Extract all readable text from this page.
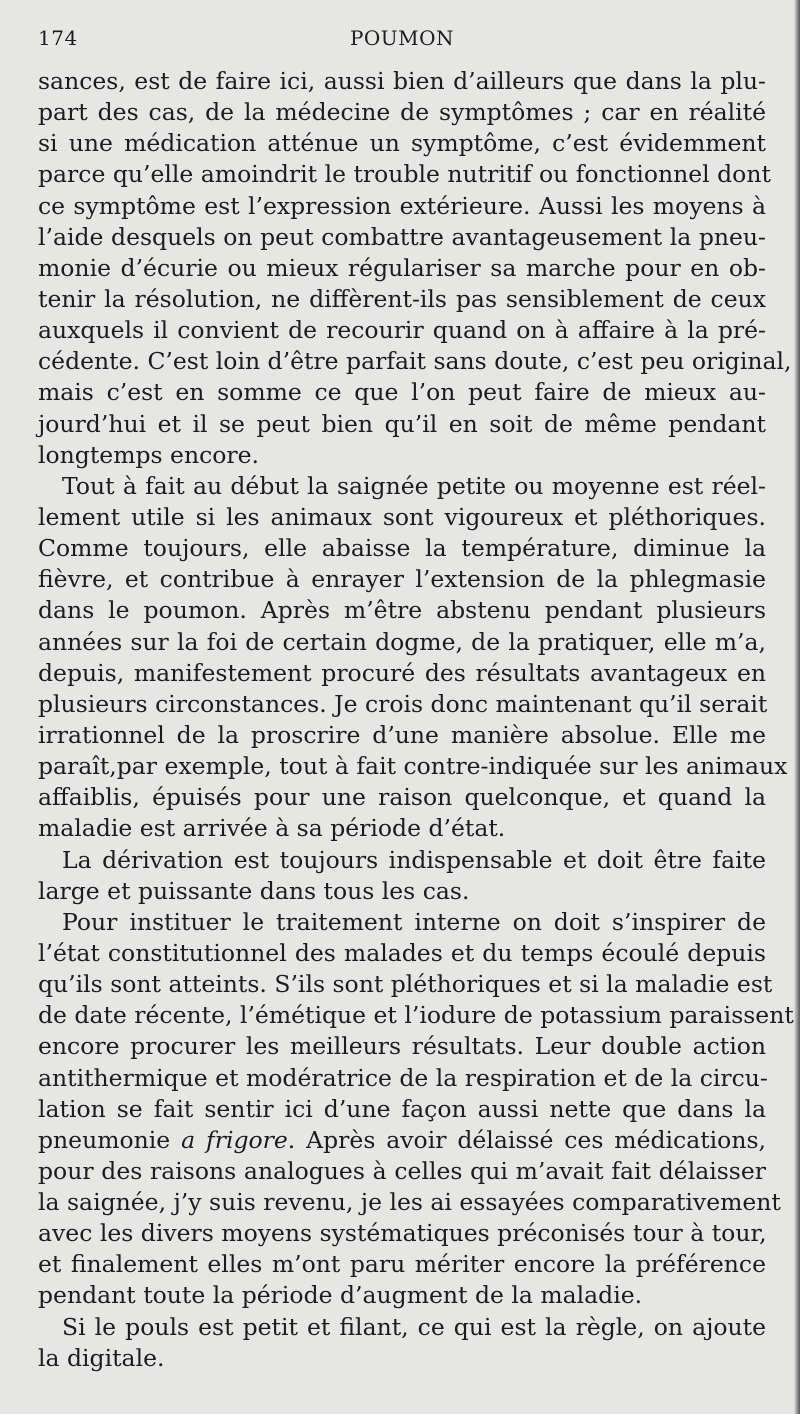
174	POUMON
sances, est de faire ici, aussi bien d’ailleurs que dans la plu-
part des cas, de la médecine de symptômes ; car en réalité
si une médication atténue un symptôme, c’est évidemment
parce qu’elle amoindrit le trouble nutritif ou fonctionnel dont
ce symptôme est l’expression extérieure. Aussi les moyens à
l’aide desquels on peut combattre avantageusement la pneu-
monie d’écurie ou mieux régulariser sa marche pour en ob-
tenir la résolution, ne diffèrent-ils pas sensiblement de ceux
auxquels il convient de recourir quand on à affaire à la pré-
cédente. C’est loin d’être parfait sans doute, c’est peu original,
mais c’est en somme ce que l’on peut faire de mieux au-
jourd’hui et il se peut bien qu’il en soit de même pendant
longtemps encore.
Tout à fait au début la saignée petite ou moyenne est réel-
lement utile si les animaux sont vigoureux et pléthoriques.
Comme toujours, elle abaisse la température, diminue la
fièvre, et contribue à enrayer l’extension de la phlegmasie
dans le poumon. Après m’être abstenu pendant plusieurs
années sur la foi de certain dogme, de la pratiquer, elle m’a,
depuis, manifestement procuré des résultats avantageux en
plusieurs circonstances. Je crois donc maintenant qu’il serait
irrationnel de la proscrire d’une manière absolue. Elle me
paraît,par exemple, tout à fait contre-indiquée sur les animaux
affaiblis, épuisés pour une raison quelconque, et quand la
maladie est arrivée à sa période d’état.
La dérivation est toujours indispensable et doit être faite
large et puissante dans tous les cas.
Pour instituer le traitement interne on doit s’inspirer de
l’état constitutionnel des malades et du temps écoulé depuis
qu’ils sont atteints. S’ils sont pléthoriques et si la maladie est
de date récente, l’émétique et l’iodure de potassium paraissent
encore procurer les meilleurs résultats. Leur double action
antithermique et modératrice de la respiration et de la circu-
lation se fait sentir ici d’une façon aussi nette que dans la
pneumonie a frigore. Après avoir délaissé ces médications,
pour des raisons analogues à celles qui m’avait fait délaisser
la saignée, j’y suis revenu, je les ai essayées comparativement
avec les divers moyens systématiques préconisés tour à tour,
et finalement elles m’ont paru mériter encore la préférence
pendant toute la période d’augment de la maladie.
Si le pouls est petit et filant, ce qui est la règle, on ajoute
la digitale.
